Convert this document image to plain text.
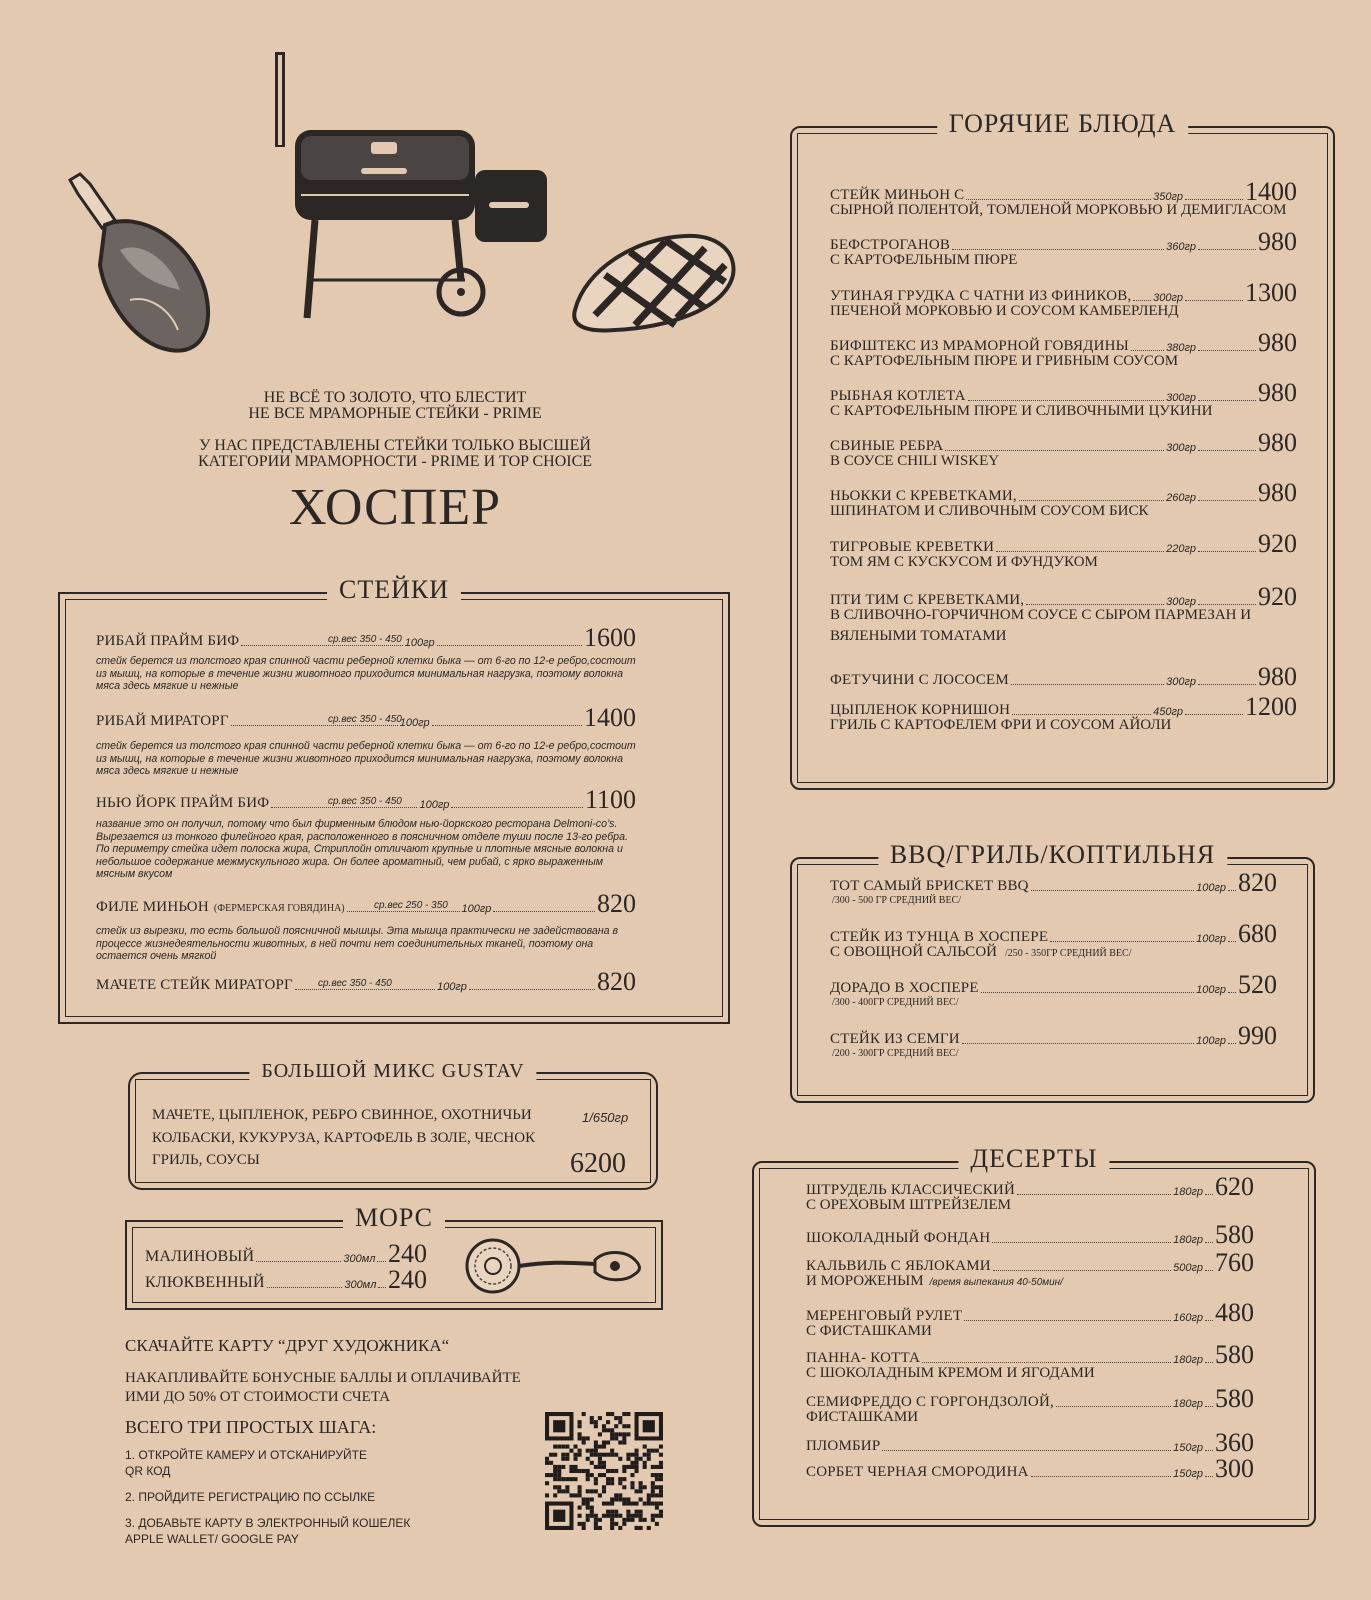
НЕ ВСЁ ТО ЗОЛОТО, ЧТО БЛЕСТИТ
НЕ ВСЕ МРАМОРНЫЕ СТЕЙКИ - PRIME
У НАС ПРЕДСТАВЛЕНЫ СТЕЙКИ ТОЛЬКО ВЫСШЕЙ
КАТЕГОРИИ МРАМОРНОСТИ - PRIME И TOP CHOICE
ХОСПЕР
СТЕЙКИ
РИБАЙ ПРАЙМ БИФ	100гр	1600
ср.вес 350 - 450
стейк берется из толстого края спинной части реберной клетки быка — от 6-го по 12-е ребро,состоит из мышц, на которые в течение жизни животного приходится минимальная нагрузка, поэтому волокна мяса здесь мягкие и нежные
РИБАЙ МИРАТОРГ	100гр	1400
ср.вес 350 - 450
стейк берется из толстого края спинной части реберной клетки быка — от 6-го по 12-е ребро,состоит из мышц, на которые в течение жизни животного приходится минимальная нагрузка, поэтому волокна мяса здесь мягкие и нежные
НЬЮ ЙОРК ПРАЙМ БИФ	100гр	1100
ср.вес 350 - 450
название это он получил, потому что был фирменным блюдом нью-йоркского ресторана Delmoni-co’s. Вырезается из тонкого филейного края, расположенного в поясничном отделе туши после 13-го ребра. По периметру стейка идет полоска жира, Стриплойн отличают крупные и плотные мясные волокна и небольшое содержание межмускульного жира. Он более ароматный, чем рибай, с ярко выраженным мясным вкусом
ФИЛЕ МИНЬОН (ФЕРМЕРСКАЯ ГОВЯДИНА)	100гр	820
ср.вес 250 - 350
стейк из вырезки, то есть большой поясничной мышцы. Эта мышца практически не задействована в процессе жизнедеятельности животных, в ней почти нет соединительных тканей, поэтому она остается очень мягкой
МАЧЕТЕ СТЕЙК МИРАТОРГ	100гр	820
ср.вес 350 - 450
БОЛЬШОЙ МИКС GUSTAV
МАЧЕТЕ, ЦЫПЛЕНОК, РЕБРО СВИННОЕ, ОХОТНИЧЬИ
КОЛБАСКИ, КУКУРУЗА, КАРТОФЕЛЬ В ЗОЛЕ, ЧЕСНОК
ГРИЛЬ, СОУСЫ
1/650гр
6200
МОРС
МАЛИНОВЫЙ	300мл 240
КЛЮКВЕННЫЙ	300мл 240
СКАЧАЙТЕ КАРТУ “ДРУГ ХУДОЖНИКА“
НАКАПЛИВАЙТЕ БОНУСНЫЕ БАЛЛЫ И ОПЛАЧИВАЙТЕ
ИМИ ДО 50% ОТ СТОИМОСТИ СЧЕТА
ВСЕГО ТРИ ПРОСТЫХ ШАГА:
1. ОТКРОЙТЕ КАМЕРУ И ОТСКАНИРУЙТЕ
QR КОД
2. ПРОЙДИТЕ РЕГИСТРАЦИЮ ПО ССЫЛКЕ
3. ДОБАВЬТЕ КАРТУ В ЭЛЕКТРОННЫЙ КОШЕЛЕК
APPLE WALLET/ GOOGLE PAY
ГОРЯЧИЕ БЛЮДА
СТЕЙК МИНЬОН С	350гр 1400
СЫРНОЙ ПОЛЕНТОЙ, ТОМЛЕНОЙ МОРКОВЬЮ И ДЕМИГЛАСОМ
БЕФСТРОГАНОВ	360гр 980
С КАРТОФЕЛЬНЫМ ПЮРЕ
УТИНАЯ ГРУДКА С ЧАТНИ ИЗ ФИНИКОВ, 300гр 1300
ПЕЧЕНОЙ МОРКОВЬЮ И СОУСОМ КАМБЕРЛЕНД
БИФШТЕКС ИЗ МРАМОРНОЙ ГОВЯДИНЫ	380гр 980
С КАРТОФЕЛЬНЫМ ПЮРЕ И ГРИБНЫМ СОУСОМ
РЫБНАЯ КОТЛЕТА	300гр 980
С КАРТОФЕЛЬНЫМ ПЮРЕ И СЛИВОЧНЫМИ ЦУКИНИ
СВИНЫЕ РЕБРА	300гр 980
В СОУСЕ CHILI WISKEY
НЬОККИ С КРЕВЕТКАМИ,	260гр 980
ШПИНАТОМ И СЛИВОЧНЫМ СОУСОМ БИСК
ТИГРОВЫЕ КРЕВЕТКИ	220гр 920
ТОМ ЯМ С КУСКУСОМ И ФУНДУКОМ
ПТИ ТИМ С КРЕВЕТКАМИ,	300гр 920
В СЛИВОЧНО-ГОРЧИЧНОМ СОУСЕ С СЫРОМ ПАРМЕЗАН И
ВЯЛЕНЫМИ ТОМАТАМИ
ФЕТУЧИНИ С ЛОСОСЕМ	300гр 980
ЦЫПЛЕНОК КОРНИШОН	450гр 1200
ГРИЛЬ С КАРТОФЕЛЕМ ФРИ И СОУСОМ АЙОЛИ
BBQ/ГРИЛЬ/КОПТИЛЬНЯ
ТОТ САМЫЙ БРИСКЕТ BBQ	100гр 820
/300 - 500 ГР СРЕДНИЙ ВЕС/
СТЕЙК ИЗ ТУНЦА В ХОСПЕРЕ	100гр 680
С ОВОЩНОЙ САЛЬСОЙ /250 - 350ГР СРЕДНИЙ ВЕС/
ДОРАДО В ХОСПЕРЕ	100гр 520
/300 - 400ГР СРЕДНИЙ ВЕС/
СТЕЙК ИЗ СЕМГИ	100гр 990
/200 - 300ГР СРЕДНИЙ ВЕС/
ДЕСЕРТЫ
ШТРУДЕЛЬ КЛАССИЧЕСКИЙ	180гр 620
С ОРЕХОВЫМ ШТРЕЙЗЕЛЕМ
ШОКОЛАДНЫЙ ФОНДАН	180гр 580
КАЛЬВИЛЬ С ЯБЛОКАМИ	500гр 760
И МОРОЖЕНЫМ /время выпекания 40-50мин/
МЕРЕНГОВЫЙ РУЛЕТ	160гр 480
С ФИСТАШКАМИ
ПАННА- КОТТА	180гр 580
С ШОКОЛАДНЫМ КРЕМОМ И ЯГОДАМИ
СЕМИФРЕДДО С ГОРГОНДЗОЛОЙ,	180гр 580
ФИСТАШКАМИ
ПЛОМБИР	150гр 360
СОРБЕТ ЧЕРНАЯ СМОРОДИНА	150гр 300
